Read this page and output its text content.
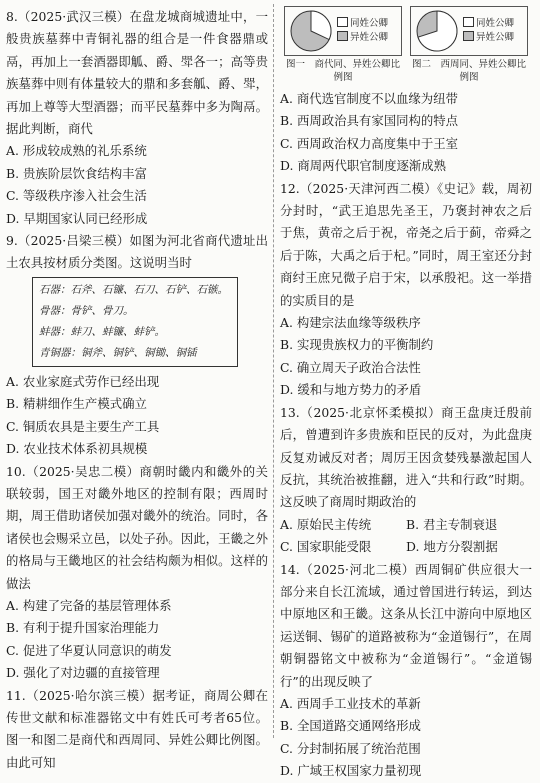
8.（2025·武汉三模）在盘龙城商城遗址中，一般贵族墓葬中青铜礼器的组合是一件食器鼎或鬲，再加上一套酒器即觚、爵、斝各一；高等贵族墓葬中则有体量较大的鼎和多套觚、爵、斝，再加上尊等大型酒器；而平民墓葬中多为陶鬲。据此判断，商代
A. 形成较成熟的礼乐系统
B. 贵族阶层饮食结构丰富
C. 等级秩序渗入社会生活
D. 早期国家认同已经形成
9.（2025·吕梁三模）如图为河北省商代遗址出土农具按材质分类图。这说明当时
石器：石斧、石镰、石刀、石铲、石镞。
骨器：骨铲、骨刀。
蚌器：蚌刀、蚌镰、蚌铲。
青铜器：铜斧、铜铲、铜锄、铜锸
A. 农业家庭式劳作已经出现
B. 精耕细作生产模式确立
C. 铜质农具是主要生产工具
D. 农业技术体系初具规模
10.（2025·吴忠二模）商朝时畿内和畿外的关联较弱，国王对畿外地区的控制有限；西周时期，周王借助诸侯加强对畿外的统治。同时，各诸侯也会赐采立邑，以处子孙。因此，王畿之外的格局与王畿地区的社会结构颇为相似。这样的做法
A. 构建了完备的基层管理体系
B. 有利于提升国家治理能力
C. 促进了华夏认同意识的萌发
D. 强化了对边疆的直接管理
11.（2025·哈尔滨三模）据考证，商周公卿在传世文献和标准器铭文中有姓氏可考者65位。图一和图二是商代和西周同、异姓公卿比例图。由此可知
同姓公卿
异姓公卿
图一　商代同、异姓公卿比例图
同姓公卿
异姓公卿
图二　西周同、异姓公卿比例图
A. 商代选官制度不以血缘为纽带
B. 西周政治具有家国同构的特点
C. 西周政治权力高度集中于王室
D. 商周两代职官制度逐渐成熟
12.（2025·天津河西二模）《史记》载，周初分封时，“武王追思先圣王，乃褒封神农之后于焦，黄帝之后于祝，帝尧之后于蓟，帝舜之后于陈，大禹之后于杞。”同时，周王室还分封商纣王庶兄微子启于宋，以承殷祀。这一举措的实质目的是
A. 构建宗法血缘等级秩序
B. 实现贵族权力的平衡制约
C. 确立周天子政治合法性
D. 缓和与地方势力的矛盾
13.（2025·北京怀柔模拟）商王盘庚迁殷前后，曾遭到许多贵族和臣民的反对，为此盘庚反复劝诫反对者；周厉王因贪婪残暴激起国人反抗，其统治被推翻，进入“共和行政”时期。这反映了商周时期政治的
A. 原始民主传统	B. 君主专制衰退
C. 国家职能受限	D. 地方分裂割据
14.（2025·河北二模）西周铜矿供应很大一部分来自长江流域，通过曾国进行转运，到达中原地区和王畿。这条从长江中游向中原地区运送铜、锡矿的道路被称为“金道锡行”，在周朝铜器铭文中被称为“金道锡行”。“金道锡行”的出现反映了
A. 西周手工业技术的革新
B. 全国道路交通网络形成
C. 分封制拓展了统治范围
D. 广域王权国家力量初现
